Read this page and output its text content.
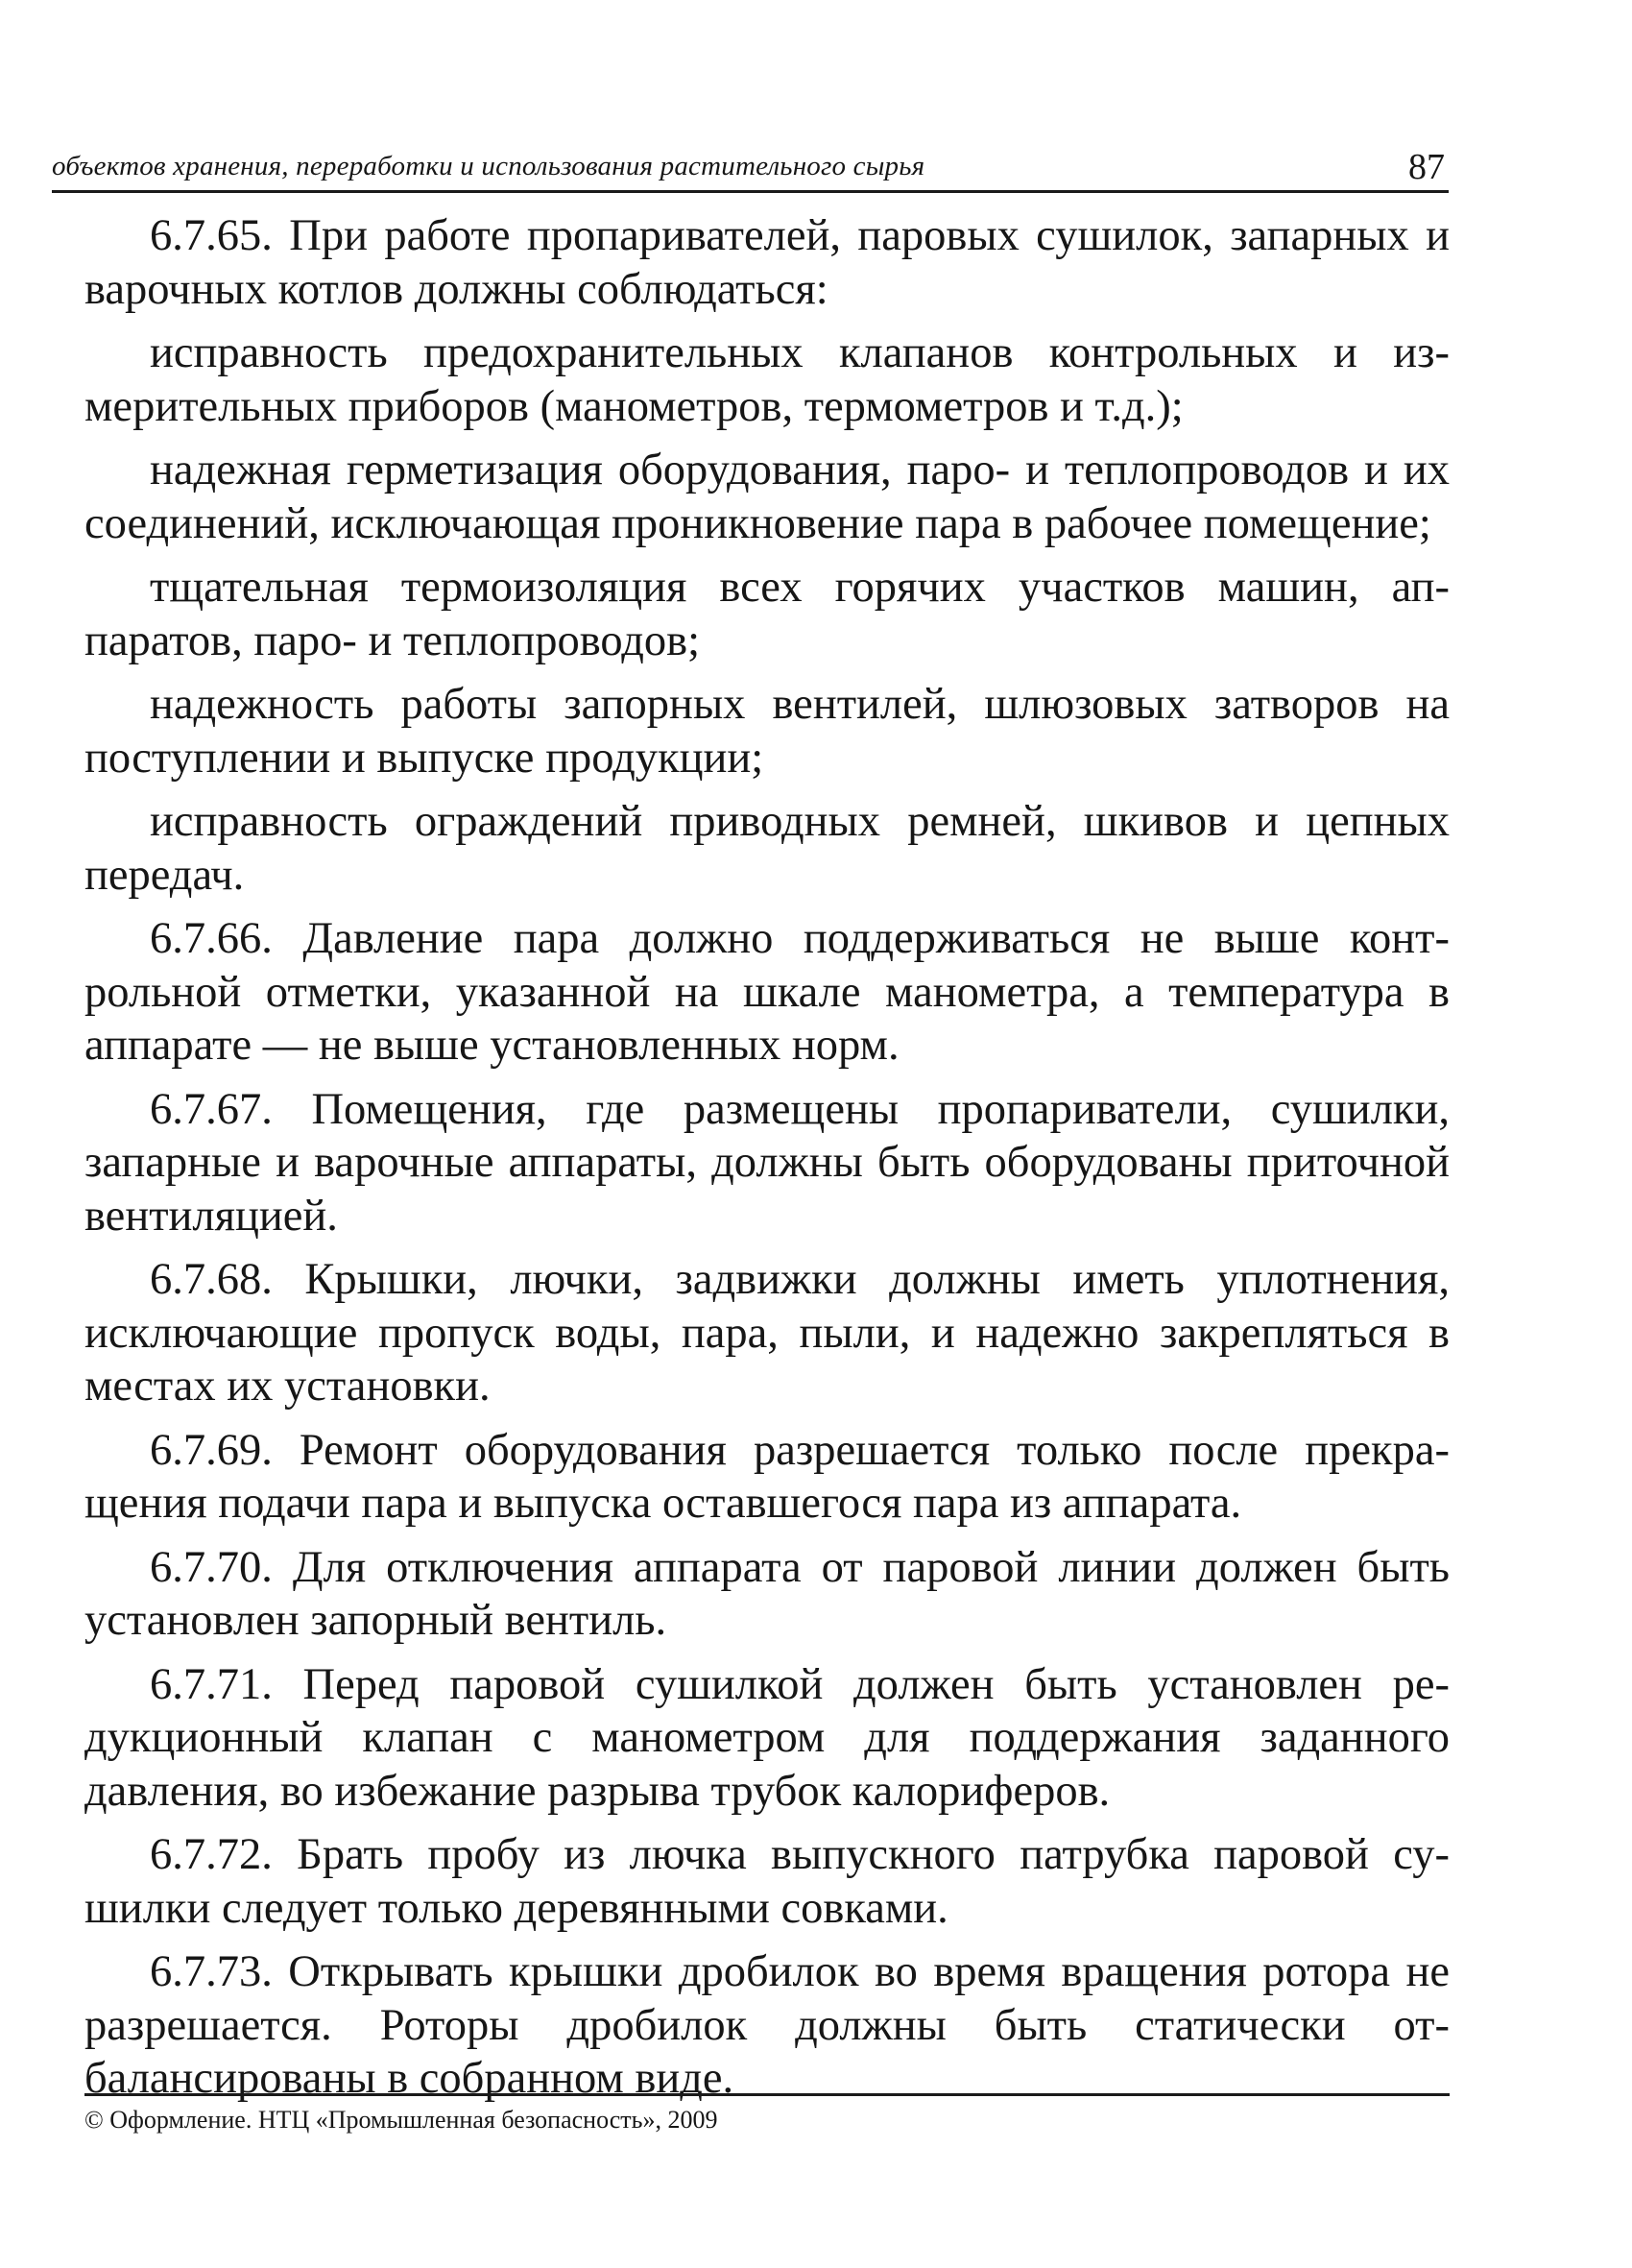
объектов хранения, переработки и использования растительного сырья	87

6.7.65. При работе пропаривателей, паровых сушилок, запарных и варочных котлов должны соблюдаться:

исправность предохранительных клапанов контрольных и измерительных приборов (манометров, термометров и т.д.);

надежная герметизация оборудования, паро- и теплопроводов и их соединений, исключающая проникновение пара в рабочее помещение;

тщательная термоизоляция всех горячих участков машин, аппаратов, паро- и теплопроводов;

надежность работы запорных вентилей, шлюзовых затворов на поступлении и выпуске продукции;

исправность ограждений приводных ремней, шкивов и цепных передач.

6.7.66. Давление пара должно поддерживаться не выше контрольной отметки, указанной на шкале манометра, а температура в аппарате — не выше установленных норм.

6.7.67. Помещения, где размещены пропариватели, сушилки, запарные и варочные аппараты, должны быть оборудованы приточной вентиляцией.

6.7.68. Крышки, лючки, задвижки должны иметь уплотнения, исключающие пропуск воды, пара, пыли, и надежно закрепляться в местах их установки.

6.7.69. Ремонт оборудования разрешается только после прекращения подачи пара и выпуска оставшегося пара из аппарата.

6.7.70. Для отключения аппарата от паровой линии должен быть установлен запорный вентиль.

6.7.71. Перед паровой сушилкой должен быть установлен редукционный клапан с манометром для поддержания заданного давления, во избежание разрыва трубок калориферов.

6.7.72. Брать пробу из лючка выпускного патрубка паровой сушилки следует только деревянными совками.

6.7.73. Открывать крышки дробилок во время вращения ротора не разрешается. Роторы дробилок должны быть статически отбалансированы в собранном виде.

© Оформление. НТЦ «Промышленная безопасность», 2009
